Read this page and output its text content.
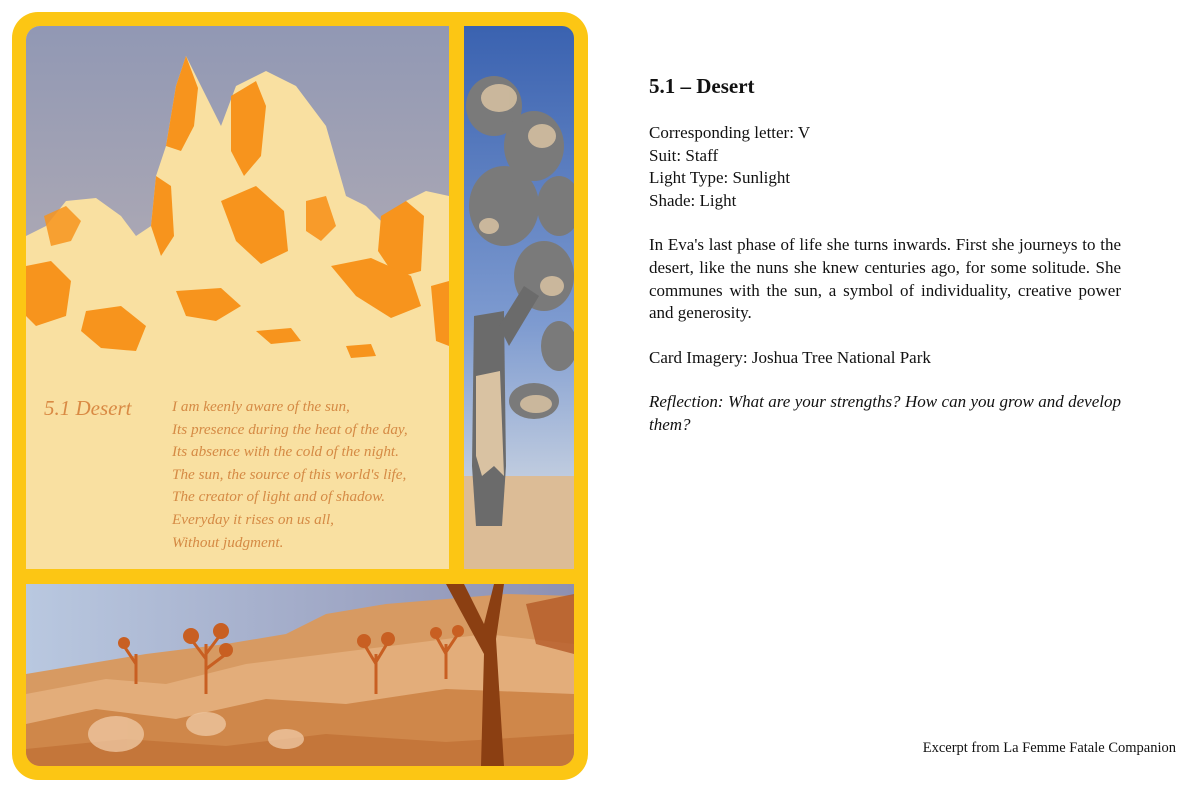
5.1 Desert	I am keenly aware of the sun,
Its presence during the heat of the day,
Its absence with the cold of the night.
The sun, the source of this world's life,
The creator of light and of shadow.
Everyday it rises on us all,
Without judgment.
5.1 – Desert
Corresponding letter: V
Suit: Staff
Light Type: Sunlight
Shade: Light

In Eva's last phase of life she turns inwards. First she journeys to the desert, like the nuns she knew centuries ago, for some solitude. She communes with the sun, a symbol of individuality, creative power and generosity.

Card Imagery: Joshua Tree National Park

Reflection: What are your strengths? How can you grow and develop them?

Excerpt from La Femme Fatale Companion
